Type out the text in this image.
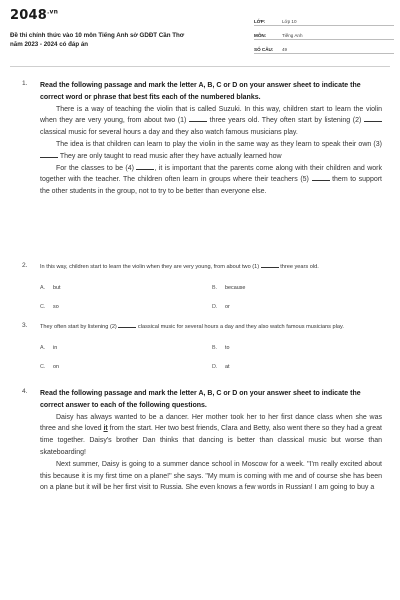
$2048^{.vn}$
Đề thi chính thức vào 10 môn Tiếng Anh sở GDĐT Cần Thơ
năm 2023 - 2024 có đáp án
LỚP:	Lớp 10
MÔN:	Tiếng Anh
SỐ CÂU:	49
1. Read the following passage and mark the letter A, B, C or D on your answer sheet to indicate the correct word or phrase that best fits each of the numbered blanks.

There is a way of teaching the violin that is called Suzuki. In this way, children start to learn the violin when they are very young, from about two (1)	three years old. They often start by listening (2)  classical music for several hours a day and they also watch famous musicians play.

The idea is that children can learn to play the violin in the same way as they learn to speak their own (3)  They are only taught to read music after they have actually learned how

For the classes to be (4)	, it is important that the parents come along with their children and work together with the teacher. The children often learn in groups where their teachers (5)	them to support the other students in the group, not to try to be better than everyone else.

2. In this way, children start to learn the violin when they are very young, from about two (1)	three years old.
A.	but	B.	because
C.	so	D.	or
3. They often start by listening (2)	classical music for several hours a day and they also watch famous musicians play.
A.	in	B.	to
C.	on	D.	at
4. Read the following passage and mark the letter A, B, C or D on your answer sheet to indicate the correct answer to each of the following questions.

Daisy has always wanted to be a dancer. Her mother took her to her first dance class when she was three and she loved it from the start. Her two best friends, Clara and Betty, also went there so they had a great time together. Daisy's brother Dan thinks that dancing is better than classical music but worse than skateboarding!

Next summer, Daisy is going to a summer dance school in Moscow for a week. "I'm really excited about this because it is my first time on a plane!" she says. "My mum is coming with me and of course she has been on a plane but it will be her first visit to Russia. She even knows a few words in Russian! I am going to buy a
